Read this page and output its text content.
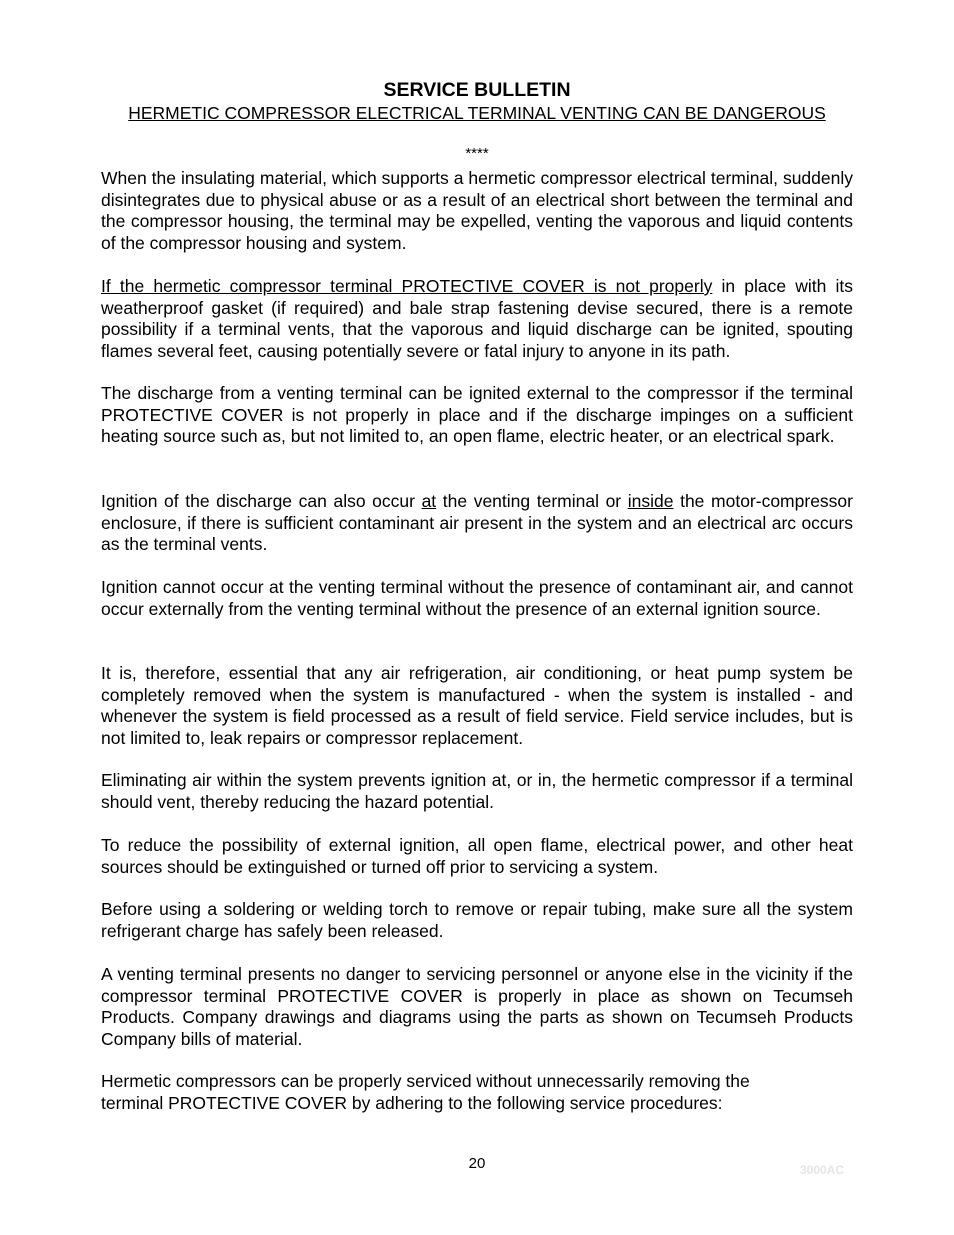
SERVICE BULLETIN
HERMETIC COMPRESSOR ELECTRICAL TERMINAL VENTING CAN BE DANGEROUS
****

When the insulating material, which supports a hermetic compressor electrical terminal, suddenly disintegrates due to physical abuse or as a result of an electrical short between the terminal and the compressor housing, the terminal may be expelled, venting the vaporous and liquid contents of the compressor housing and system.

If the hermetic compressor terminal PROTECTIVE COVER is not properly in place with its weatherproof gasket (if required) and bale strap fastening devise secured, there is a remote possibility if a terminal vents, that the vaporous and liquid discharge can be ignited, spouting flames several feet, causing potentially severe or fatal injury to anyone in its path.

The discharge from a venting terminal can be ignited external to the compressor if the terminal PROTECTIVE COVER is not properly in place and if the discharge impinges on a sufficient heating source such as, but not limited to, an open flame, electric heater, or an electrical spark.

Ignition of the discharge can also occur at the venting terminal or inside the motor-compressor enclosure, if there is sufficient contaminant air present in the system and an electrical arc occurs as the terminal vents.

Ignition cannot occur at the venting terminal without the presence of contaminant air, and cannot occur externally from the venting terminal without the presence of an external ignition source.

It is, therefore, essential that any air refrigeration, air conditioning, or heat pump system be completely removed when the system is manufactured - when the system is installed - and whenever the system is field processed as a result of field service. Field service includes, but is not limited to, leak repairs or compressor replacement.

Eliminating air within the system prevents ignition at, or in, the hermetic compressor if a terminal should vent, thereby reducing the hazard potential.

To reduce the possibility of external ignition, all open flame, electrical power, and other heat sources should be extinguished or turned off prior to servicing a system.

Before using a soldering or welding torch to remove or repair tubing, make sure all the system refrigerant charge has safely been released.

A venting terminal presents no danger to servicing personnel or anyone else in the vicinity if the compressor terminal PROTECTIVE COVER is properly in place as shown on Tecumseh Products. Company drawings and diagrams using the parts as shown on Tecumseh Products Company bills of material.

Hermetic compressors can be properly serviced without unnecessarily removing the
terminal PROTECTIVE COVER by adhering to the following service procedures:
20	3000AC
